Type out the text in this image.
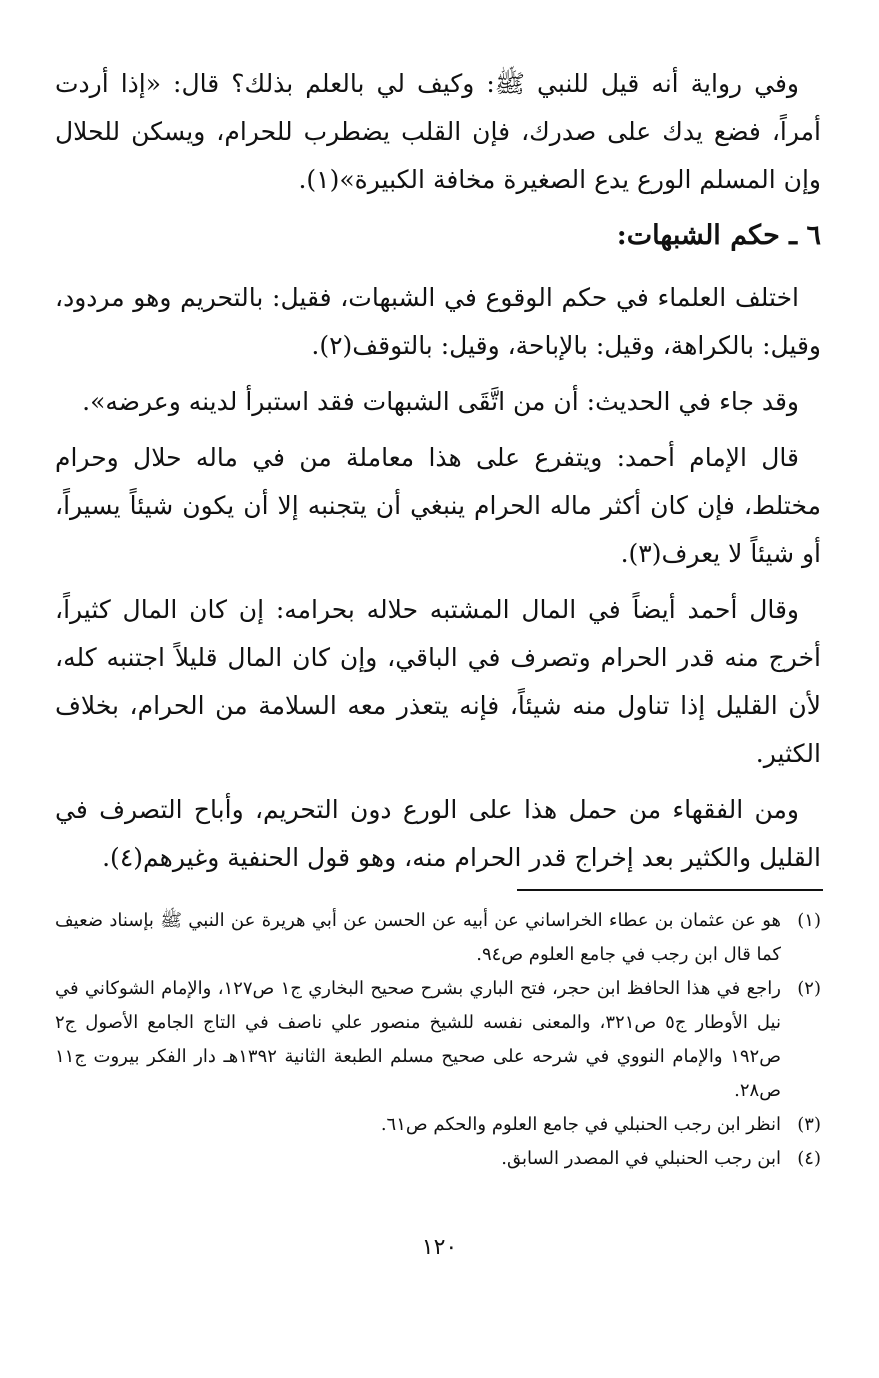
وفي رواية أنه قيل للنبي ﷺ: وكيف لي بالعلم بذلك؟ قال: «إذا أردت أمراً، فضع يدك على صدرك، فإن القلب يضطرب للحرام، ويسكن للحلال وإن المسلم الورع يدع الصغيرة مخافة الكبيرة»(١).

٦ ـ حكم الشبهات:

اختلف العلماء في حكم الوقوع في الشبهات، فقيل: بالتحريم وهو مردود، وقيل: بالكراهة، وقيل: بالإباحة، وقيل: بالتوقف(٢).

وقد جاء في الحديث: أن من اتَّقَى الشبهات فقد استبرأ لدينه وعرضه».

قال الإمام أحمد: ويتفرع على هذا معاملة من في ماله حلال وحرام مختلط، فإن كان أكثر ماله الحرام ينبغي أن يتجنبه إلا أن يكون شيئاً يسيراً، أو شيئاً لا يعرف(٣).

وقال أحمد أيضاً في المال المشتبه حلاله بحرامه: إن كان المال كثيراً، أخرج منه قدر الحرام وتصرف في الباقي، وإن كان المال قليلاً اجتنبه كله، لأن القليل إذا تناول منه شيئاً، فإنه يتعذر معه السلامة من الحرام، بخلاف الكثير.

ومن الفقهاء من حمل هذا على الورع دون التحريم، وأباح التصرف في القليل والكثير بعد إخراج قدر الحرام منه، وهو قول الحنفية وغيرهم(٤).

(١)
هو عن عثمان بن عطاء الخراساني عن أبيه عن الحسن عن أبي هريرة عن النبي ﷺ بإسناد ضعيف كما قال ابن رجب في جامع العلوم ص٩٤.
(٢)
راجع في هذا الحافظ ابن حجر، فتح الباري بشرح صحيح البخاري ج١ ص١٢٧، والإمام الشوكاني في نيل الأوطار ج٥ ص٣٢١، والمعنى نفسه للشيخ منصور علي ناصف في التاج الجامع الأصول ج٢ ص١٩٢ والإمام النووي في شرحه على صحيح مسلم الطبعة الثانية ١٣٩٢هـ دار الفكر بيروت ج١١ ص٢٨.
(٣)
انظر ابن رجب الحنبلي في جامع العلوم والحكم ص٦١.
(٤)
ابن رجب الحنبلي في المصدر السابق.
١٢٠
